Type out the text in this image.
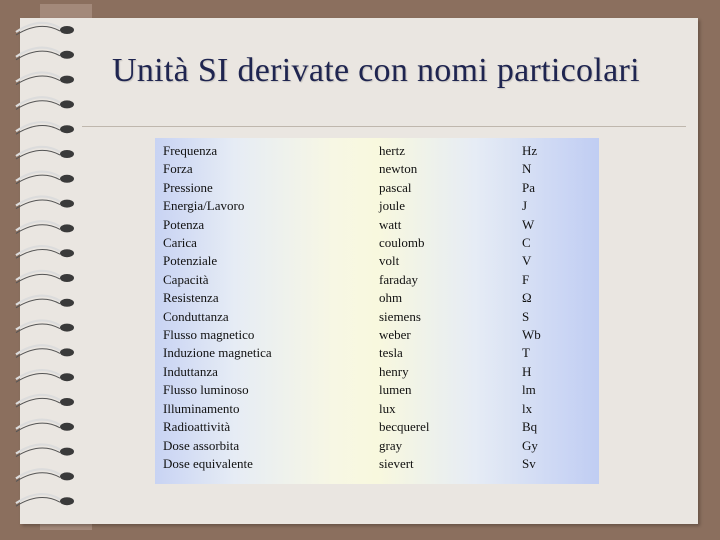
Unità SI derivate con nomi particolari
Frequenza
Forza
Pressione
Energia/Lavoro
Potenza
Carica
Potenziale
Capacità
Resistenza
Conduttanza
Flusso magnetico
Induzione magnetica
Induttanza
Flusso luminoso
Illuminamento
Radioattività
Dose assorbita
Dose equivalente
hertz
newton
pascal
joule
watt
coulomb
volt
faraday
ohm
siemens
weber
tesla
henry
lumen
lux
becquerel
gray
sievert
Hz
N
Pa
J
W
C
V
F
Ω
S
Wb
T
H
lm
lx
Bq
Gy
Sv
